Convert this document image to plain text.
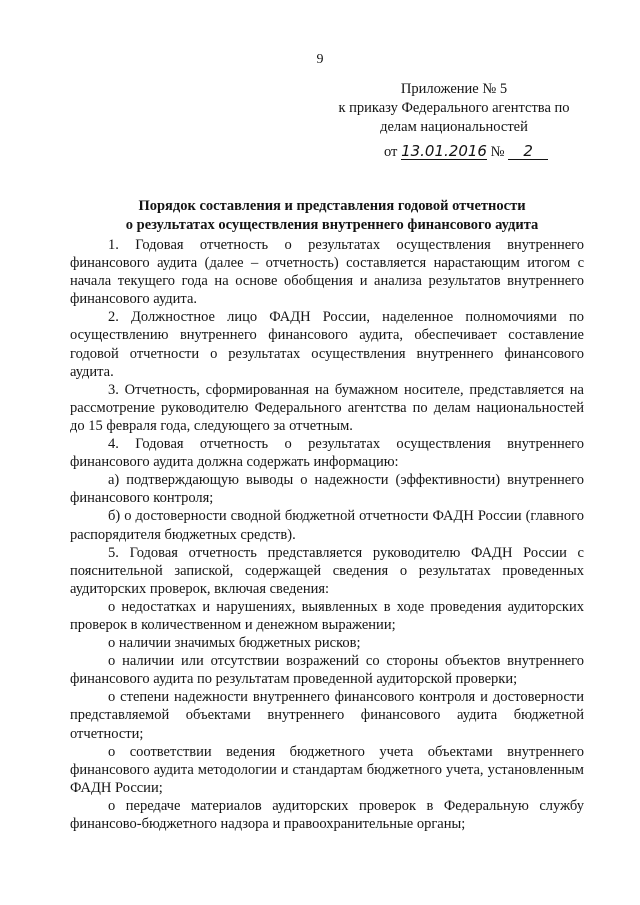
9
Приложение № 5
к приказу Федерального агентства по
делам национальностей
от 13.01.2016 № 2
Порядок составления и представления годовой отчетности
о результатах осуществления внутреннего финансового аудита

1. Годовая отчетность о результатах осуществления внутреннего финансового аудита (далее – отчетность) составляется нарастающим итогом с начала текущего года на основе обобщения и анализа результатов внутреннего финансового аудита.

2. Должностное лицо ФАДН России, наделенное полномочиями по осуществлению внутреннего финансового аудита, обеспечивает составление годовой отчетности о результатах осуществления внутреннего финансового аудита.

3. Отчетность, сформированная на бумажном носителе, представляется на рассмотрение руководителю Федерального агентства по делам национальностей до 15 февраля года, следующего за отчетным.

4. Годовая отчетность о результатах осуществления внутреннего финансового аудита должна содержать информацию:

а) подтверждающую выводы о надежности (эффективности) внутреннего финансового контроля;

б) о достоверности сводной бюджетной отчетности ФАДН России (главного распорядителя бюджетных средств).

5. Годовая отчетность представляется руководителю ФАДН России с пояснительной запиской, содержащей сведения о результатах проведенных аудиторских проверок, включая сведения:

о недостатках и нарушениях, выявленных в ходе проведения аудиторских проверок в количественном и денежном выражении;

о наличии значимых бюджетных рисков;

о наличии или отсутствии возражений со стороны объектов внутреннего финансового аудита по результатам проведенной аудиторской проверки;

о степени надежности внутреннего финансового контроля и достоверности представляемой объектами внутреннего финансового аудита бюджетной отчетности;

о соответствии ведения бюджетного учета объектами внутреннего финансового аудита методологии и стандартам бюджетного учета, установленным ФАДН России;

о передаче материалов аудиторских проверок в Федеральную службу финансово-бюджетного надзора и правоохранительные органы;
